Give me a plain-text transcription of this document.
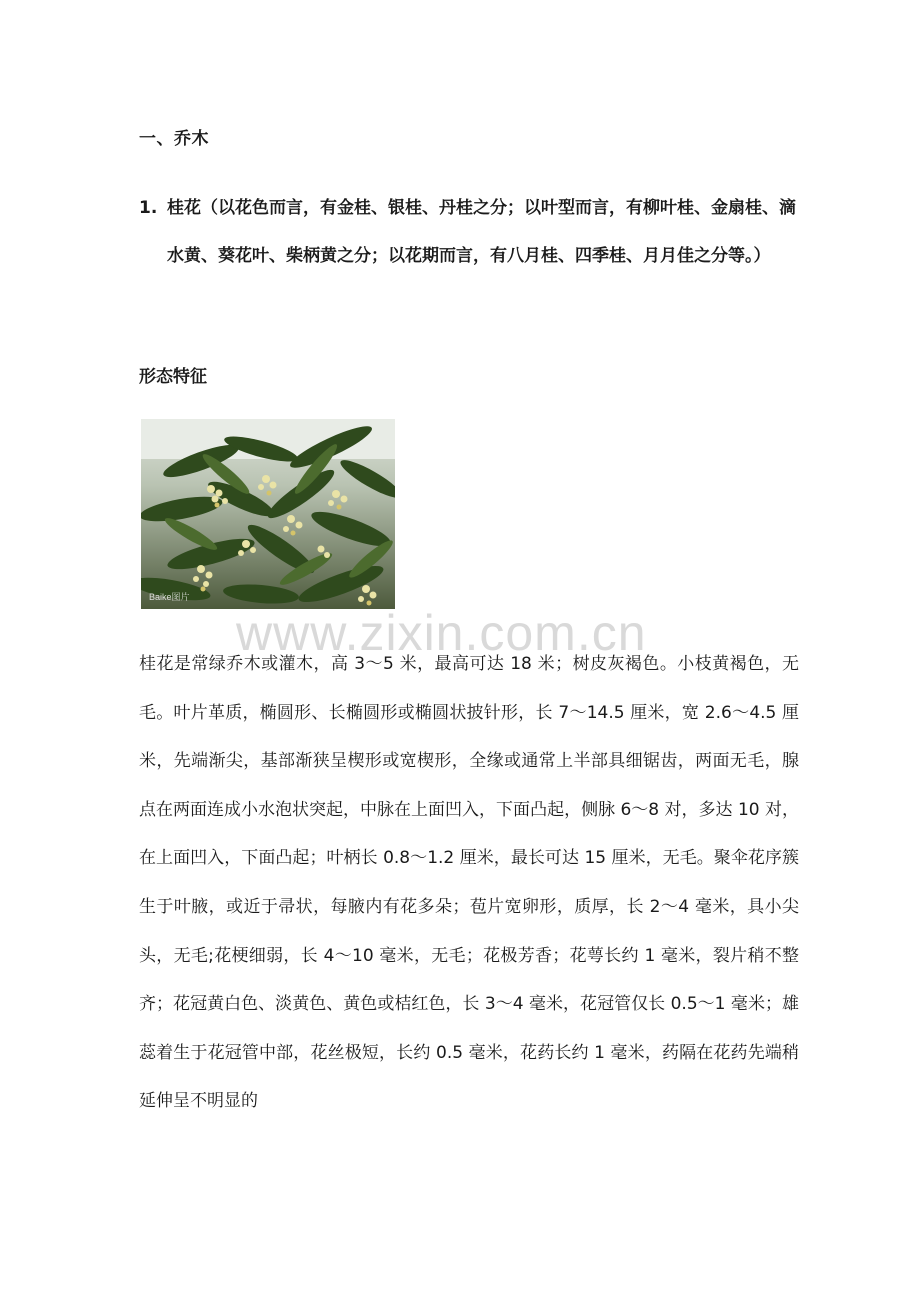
一、乔木
1. 桂花（以花色而言，有金桂、银桂、丹桂之分；以叶型而言，有柳叶桂、金扇桂、滴水黄、葵花叶、柴柄黄之分；以花期而言，有八月桂、四季桂、月月佳之分等。）
形态特征
Baike图片
www.zixin.com.cn
桂花是常绿乔木或灌木，高 3～5 米，最高可达 18 米；树皮灰褐色。小枝黄褐色，无毛。叶片革质，椭圆形、长椭圆形或椭圆状披针形，长 7～14.5 厘米，宽 2.6～4.5 厘米，先端渐尖，基部渐狭呈楔形或宽楔形，全缘或通常上半部具细锯齿，两面无毛，腺点在两面连成小水泡状突起，中脉在上面凹入，下面凸起，侧脉 6～8 对，多达 10 对，在上面凹入，下面凸起；叶柄长 0.8～1.2 厘米，最长可达 15 厘米，无毛。聚伞花序簇生于叶腋，或近于帚状，每腋内有花多朵；苞片宽卵形，质厚，长 2～4 毫米，具小尖头，无毛;花梗细弱，长 4～10 毫米，无毛；花极芳香；花萼长约 1 毫米，裂片稍不整齐；花冠黄白色、淡黄色、黄色或桔红色，长 3～4 毫米，花冠管仅长 0.5～1 毫米；雄蕊着生于花冠管中部，花丝极短，长约 0.5 毫米，花药长约 1 毫米，药隔在花药先端稍延伸呈不明显的
